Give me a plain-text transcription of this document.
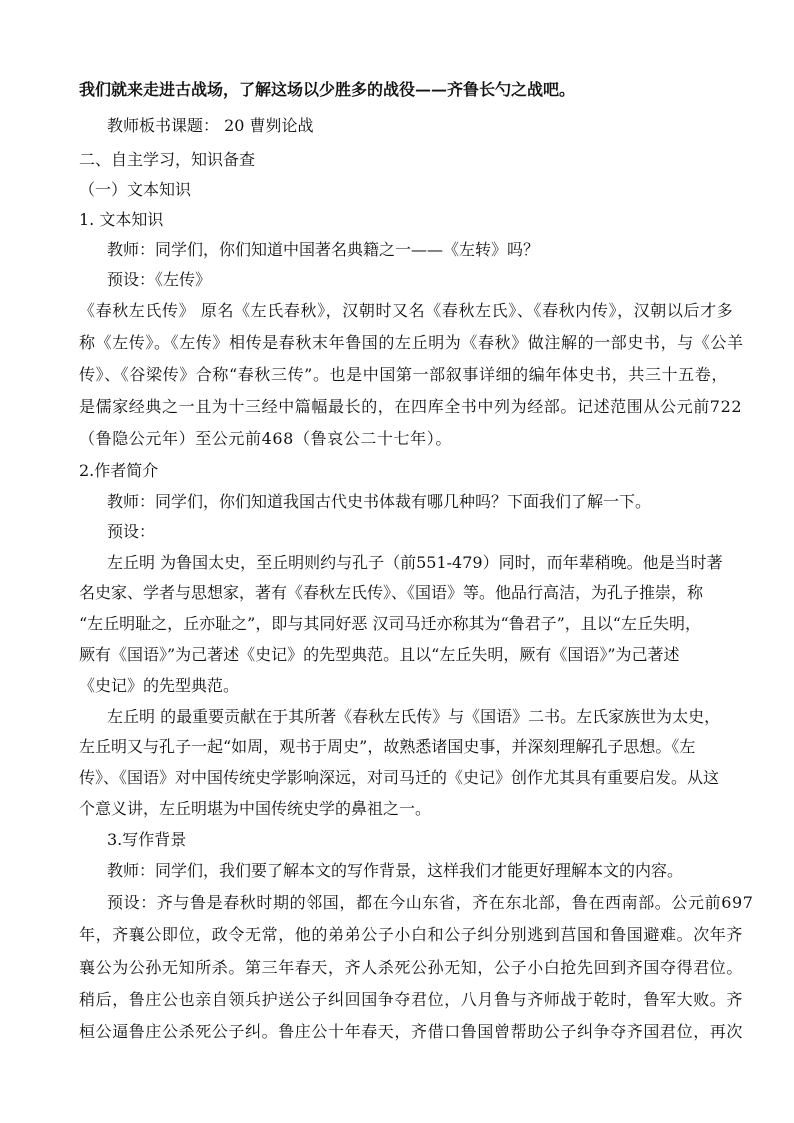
我们就来走进古战场，了解这场以少胜多的战役——齐鲁长勺之战吧。
教师板书课题： 20 曹刿论战
二、自主学习，知识备查
（一）文本知识
1. 文本知识
教师：同学们，你们知道中国著名典籍之一——《左转》吗？
预设：《左传》
《春秋左氏传》 原名《左氏春秋》，汉朝时又名《春秋左氏》、《春秋内传》，汉朝以后才多
称《左传》。《左传》相传是春秋末年鲁国的左丘明为《春秋》做注解的一部史书，与《公羊
传》、《谷梁传》合称“春秋三传”。也是中国第一部叙事详细的编年体史书，共三十五卷，
是儒家经典之一且为十三经中篇幅最长的，在四库全书中列为经部。记述范围从公元前722
（鲁隐公元年）至公元前468（鲁哀公二十七年）。
2.作者简介
教师：同学们，你们知道我国古代史书体裁有哪几种吗？下面我们了解一下。
预设：
左丘明 为鲁国太史，至丘明则约与孔子（前551-479）同时，而年辈稍晚。他是当时著
名史家、学者与思想家，著有《春秋左氏传》、《国语》等。他品行高洁，为孔子推崇，称
“左丘明耻之，丘亦耻之”，即与其同好恶 汉司马迁亦称其为“鲁君子”，且以“左丘失明，
厥有《国语》”为己著述《史记》的先型典范。且以“左丘失明，厥有《国语》”为己著述
《史记》的先型典范。
左丘明 的最重要贡献在于其所著《春秋左氏传》与《国语》二书。左氏家族世为太史，
左丘明又与孔子一起“如周，观书于周史”，故熟悉诸国史事，并深刻理解孔子思想。《左
传》、《国语》对中国传统史学影响深远，对司马迁的《史记》创作尤其具有重要启发。从这
个意义讲，左丘明堪为中国传统史学的鼻祖之一。
3.写作背景
教师：同学们，我们要了解本文的写作背景，这样我们才能更好理解本文的内容。
预设：齐与鲁是春秋时期的邻国，都在今山东省，齐在东北部，鲁在西南部。公元前697
年，齐襄公即位，政令无常，他的弟弟公子小白和公子纠分别逃到莒国和鲁国避难。次年齐
襄公为公孙无知所杀。第三年春天，齐人杀死公孙无知，公子小白抢先回到齐国夺得君位。
稍后，鲁庄公也亲自领兵护送公子纠回国争夺君位，八月鲁与齐师战于乾时，鲁军大败。齐
桓公逼鲁庄公杀死公子纠。鲁庄公十年春天，齐借口鲁国曾帮助公子纠争夺齐国君位，再次
